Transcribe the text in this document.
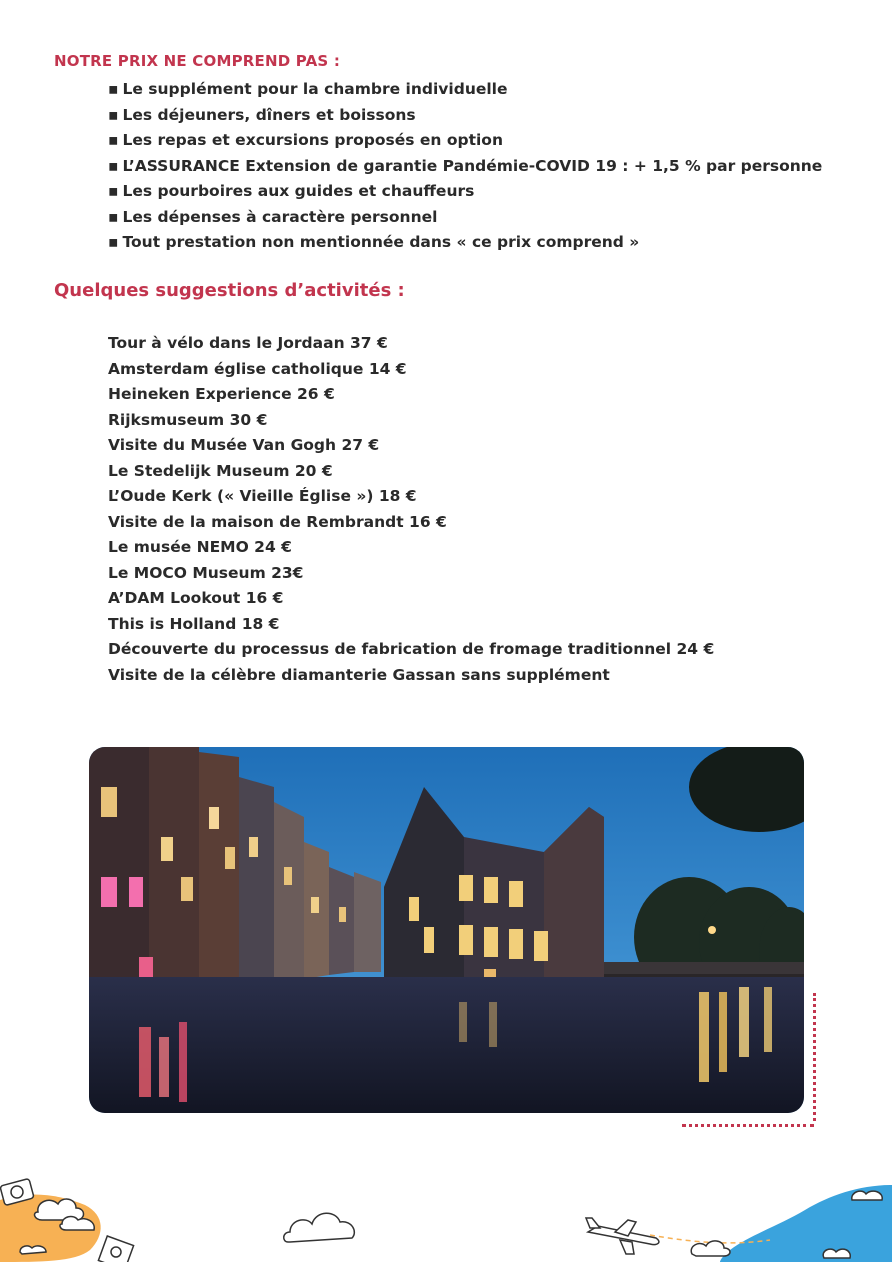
NOTRE PRIX NE COMPREND PAS :
▪ Le supplément pour la chambre individuelle
▪ Les déjeuners, dîners et boissons
▪ Les repas et excursions proposés en option
▪ L’ASSURANCE Extension de garantie Pandémie-COVID 19 : + 1,5 % par personne
▪ Les pourboires aux guides et chauffeurs
▪ Les dépenses à caractère personnel
▪ Tout prestation non mentionnée dans « ce prix comprend »
Quelques suggestions d’activités :
Tour à vélo dans le Jordaan 37 €
Amsterdam église catholique 14 €
Heineken Experience 26 €
Rijksmuseum 30 €
Visite du Musée Van Gogh 27 €
Le Stedelijk Museum 20 €
L’Oude Kerk (« Vieille Église ») 18 €
Visite de la maison de Rembrandt 16 €
Le musée NEMO 24 €
Le MOCO Museum 23€
A’DAM Lookout 16 €
This is Holland 18 €
Découverte du processus de fabrication de fromage traditionnel 24 €
Visite de la célèbre diamanterie Gassan sans supplément
